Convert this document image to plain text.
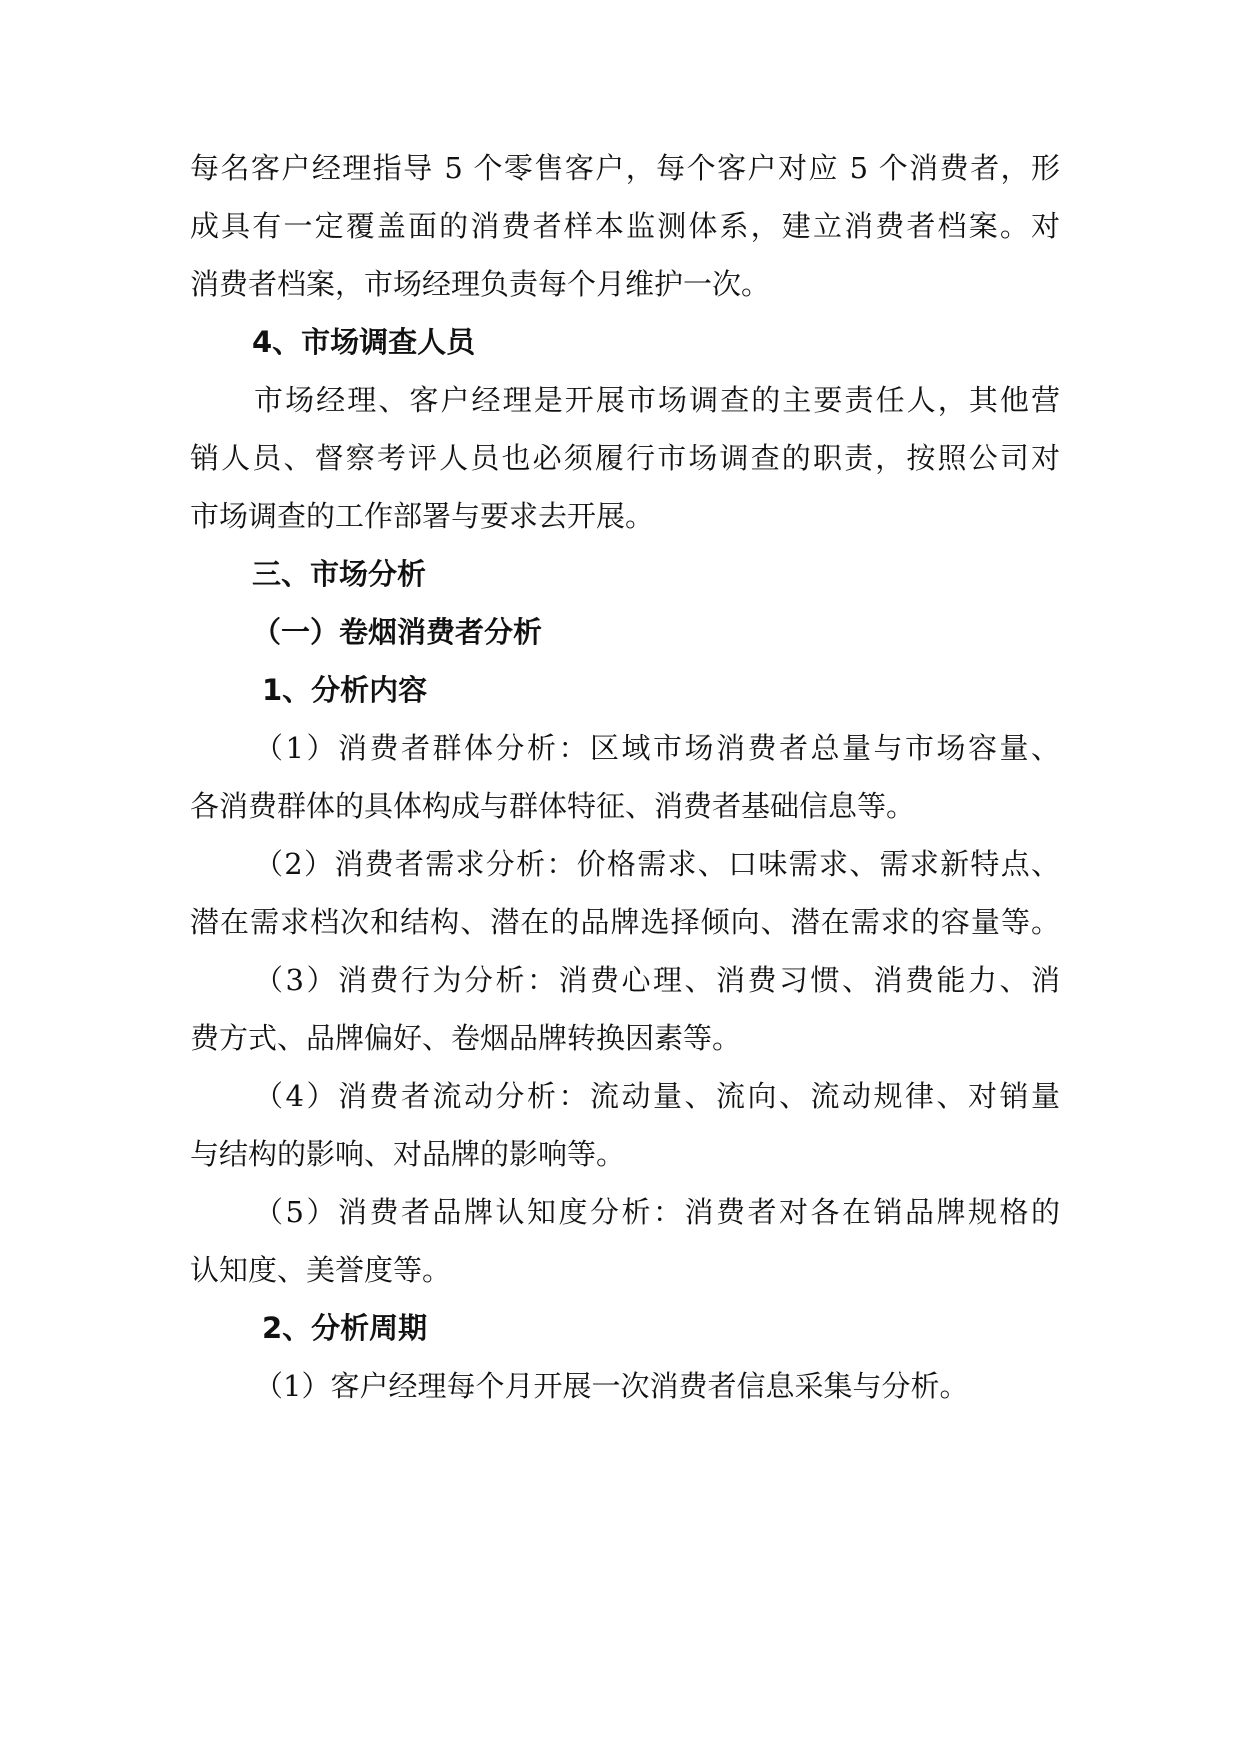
每名客户经理指导 5 个零售客户，每个客户对应 5 个消费者，形
成具有一定覆盖面的消费者样本监测体系，建立消费者档案。对
消费者档案，市场经理负责每个月维护一次。
4、市场调查人员
市场经理、客户经理是开展市场调查的主要责任人，其他营
销人员、督察考评人员也必须履行市场调查的职责，按照公司对
市场调查的工作部署与要求去开展。
三、市场分析
（一）卷烟消费者分析
1、分析内容
（1）消费者群体分析：区域市场消费者总量与市场容量、
各消费群体的具体构成与群体特征、消费者基础信息等。
（2）消费者需求分析：价格需求、口味需求、需求新特点、
潜在需求档次和结构、潜在的品牌选择倾向、潜在需求的容量等。
（3）消费行为分析：消费心理、消费习惯、消费能力、消
费方式、品牌偏好、卷烟品牌转换因素等。
（4）消费者流动分析：流动量、流向、流动规律、对销量
与结构的影响、对品牌的影响等。
（5）消费者品牌认知度分析：消费者对各在销品牌规格的
认知度、美誉度等。
2、分析周期
（1）客户经理每个月开展一次消费者信息采集与分析。
